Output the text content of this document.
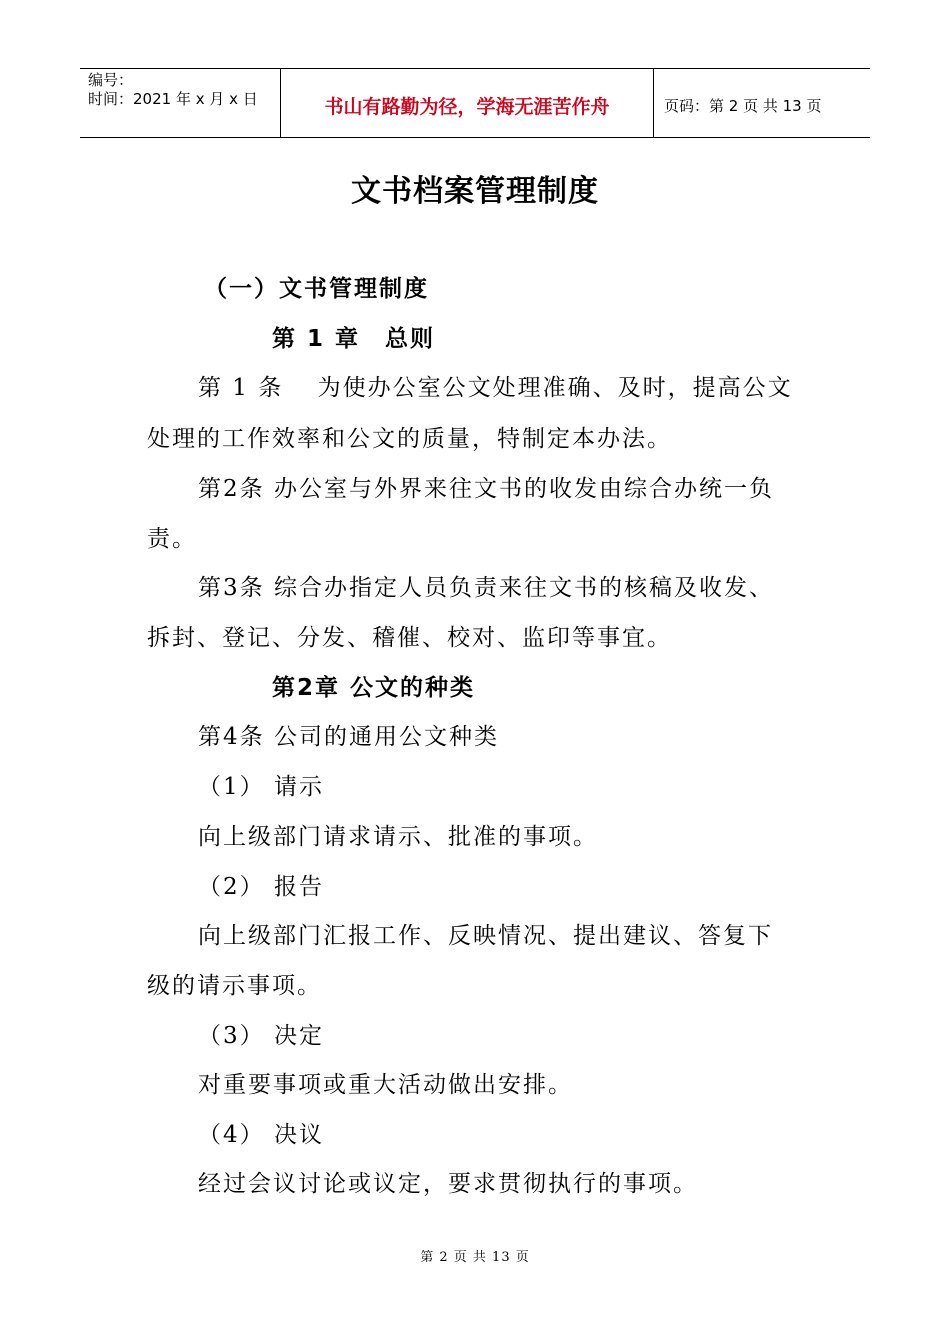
编号：
时间：2021 年 x 月 x 日	书山有路勤为径，学海无涯苦作舟	页码：第 2 页 共 13 页
文书档案管理制度
（一）文书管理制度
第 1 章　总则
第 1 条　 为使办公室公文处理准确、及时，提高公文
处理的工作效率和公文的质量，特制定本办法。
第2条 办公室与外界来往文书的收发由综合办统一负
责。
第3条 综合办指定人员负责来往文书的核稿及收发、
拆封、登记、分发、稽催、校对、监印等事宜。
第2章 公文的种类
第4条 公司的通用公文种类
（1） 请示
向上级部门请求请示、批准的事项。
（2） 报告
向上级部门汇报工作、反映情况、提出建议、答复下
级的请示事项。
（3） 决定
对重要事项或重大活动做出安排。
（4） 决议
经过会议讨论或议定，要求贯彻执行的事项。
第 2 页 共 13 页
